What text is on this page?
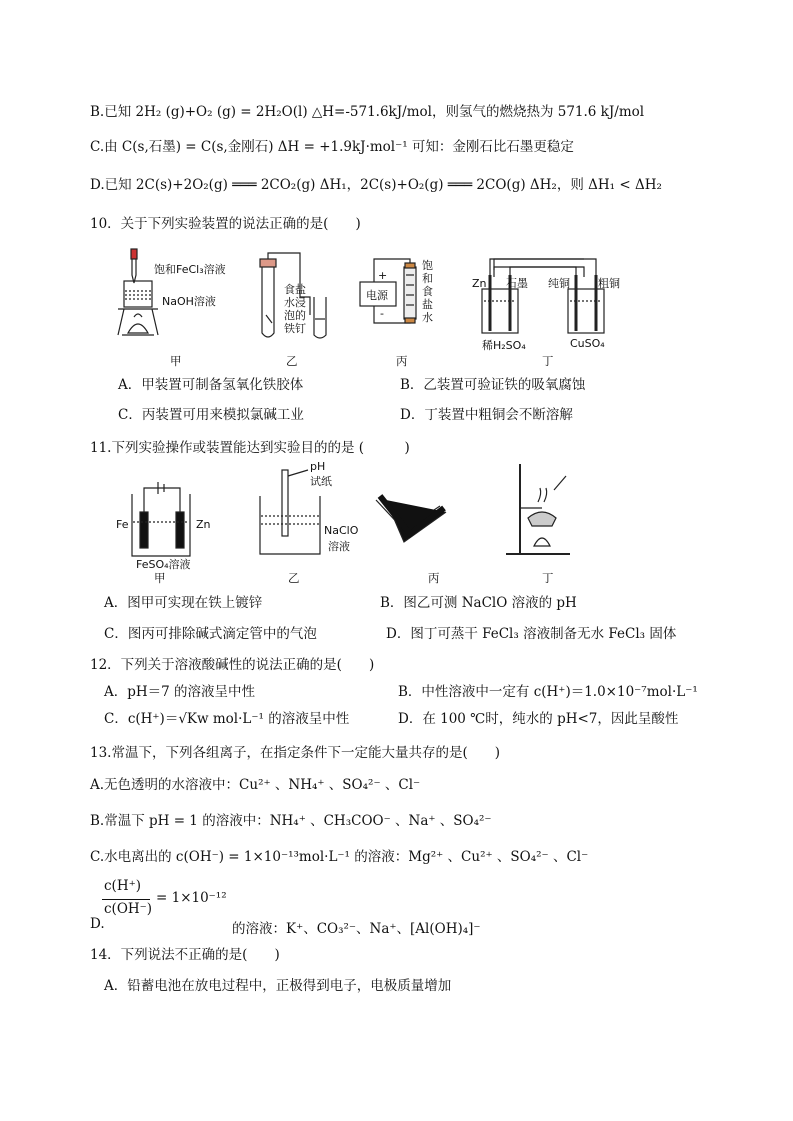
B.已知 2H₂ (g)+O₂ (g) = 2H₂O(l) △H=-571.6kJ/mol，则氢气的燃烧热为 571.6 kJ/mol
C.由 C(s,石墨) = C(s,金刚石) ΔH = +1.9kJ·mol⁻¹ 可知：金刚石比石墨更稳定
D.已知 2C(s)+2O₂(g) ═══ 2CO₂(g) ΔH₁，2C(s)+O₂(g) ═══ 2CO(g) ΔH₂，则 ΔH₁ < ΔH₂
10．关于下列实验装置的说法正确的是(　　)
饱和FeCl₃溶液
NaOH溶液
食盐水浸泡的铁钉
电源
+
-
饱和食盐水
Zn 石墨 纯铜	粗铜
稀H₂SO₄	CuSO₄
甲	乙	丙	丁
A．甲装置可制备氢氧化铁胶体	B．乙装置可验证铁的吸氧腐蚀
C．丙装置可用来模拟氯碱工业	D．丁装置中粗铜会不断溶解
11.下列实验操作或装置能达到实验目的的是 (　　　)
Fe	Zn
FeSO₄溶液
pH
试纸
NaClO
溶液
甲	乙	丙	丁
A．图甲可实现在铁上镀锌	B．图乙可测 NaClO 溶液的 pH
C．图丙可排除碱式滴定管中的气泡	D．图丁可蒸干 FeCl₃ 溶液制备无水 FeCl₃ 固体
12．下列关于溶液酸碱性的说法正确的是(　　)
A．pH＝7 的溶液呈中性	B．中性溶液中一定有 c(H⁺)＝1.0×10⁻⁷mol·L⁻¹
C．c(H⁺)＝√Kw mol·L⁻¹ 的溶液呈中性	D．在 100 ℃时，纯水的 pH<7，因此呈酸性
13.常温下，下列各组离子，在指定条件下一定能大量共存的是(　　)
A.无色透明的水溶液中：Cu²⁺ 、NH₄⁺ 、SO₄²⁻ 、Cl⁻
B.常温下 pH = 1 的溶液中：NH₄⁺ 、CH₃COO⁻ 、Na⁺ 、SO₄²⁻
C.水电离出的 c(OH⁻) = 1×10⁻¹³mol·L⁻¹ 的溶液：Mg²⁺ 、Cu²⁺ 、SO₄²⁻ 、Cl⁻
c(H⁺)
c(OH⁻)
= 1×10⁻¹²
D.	的溶液：K⁺、CO₃²⁻、Na⁺、[Al(OH)₄]⁻
14．下列说法不正确的是(　　)
A．铅蓄电池在放电过程中，正极得到电子，电极质量增加
